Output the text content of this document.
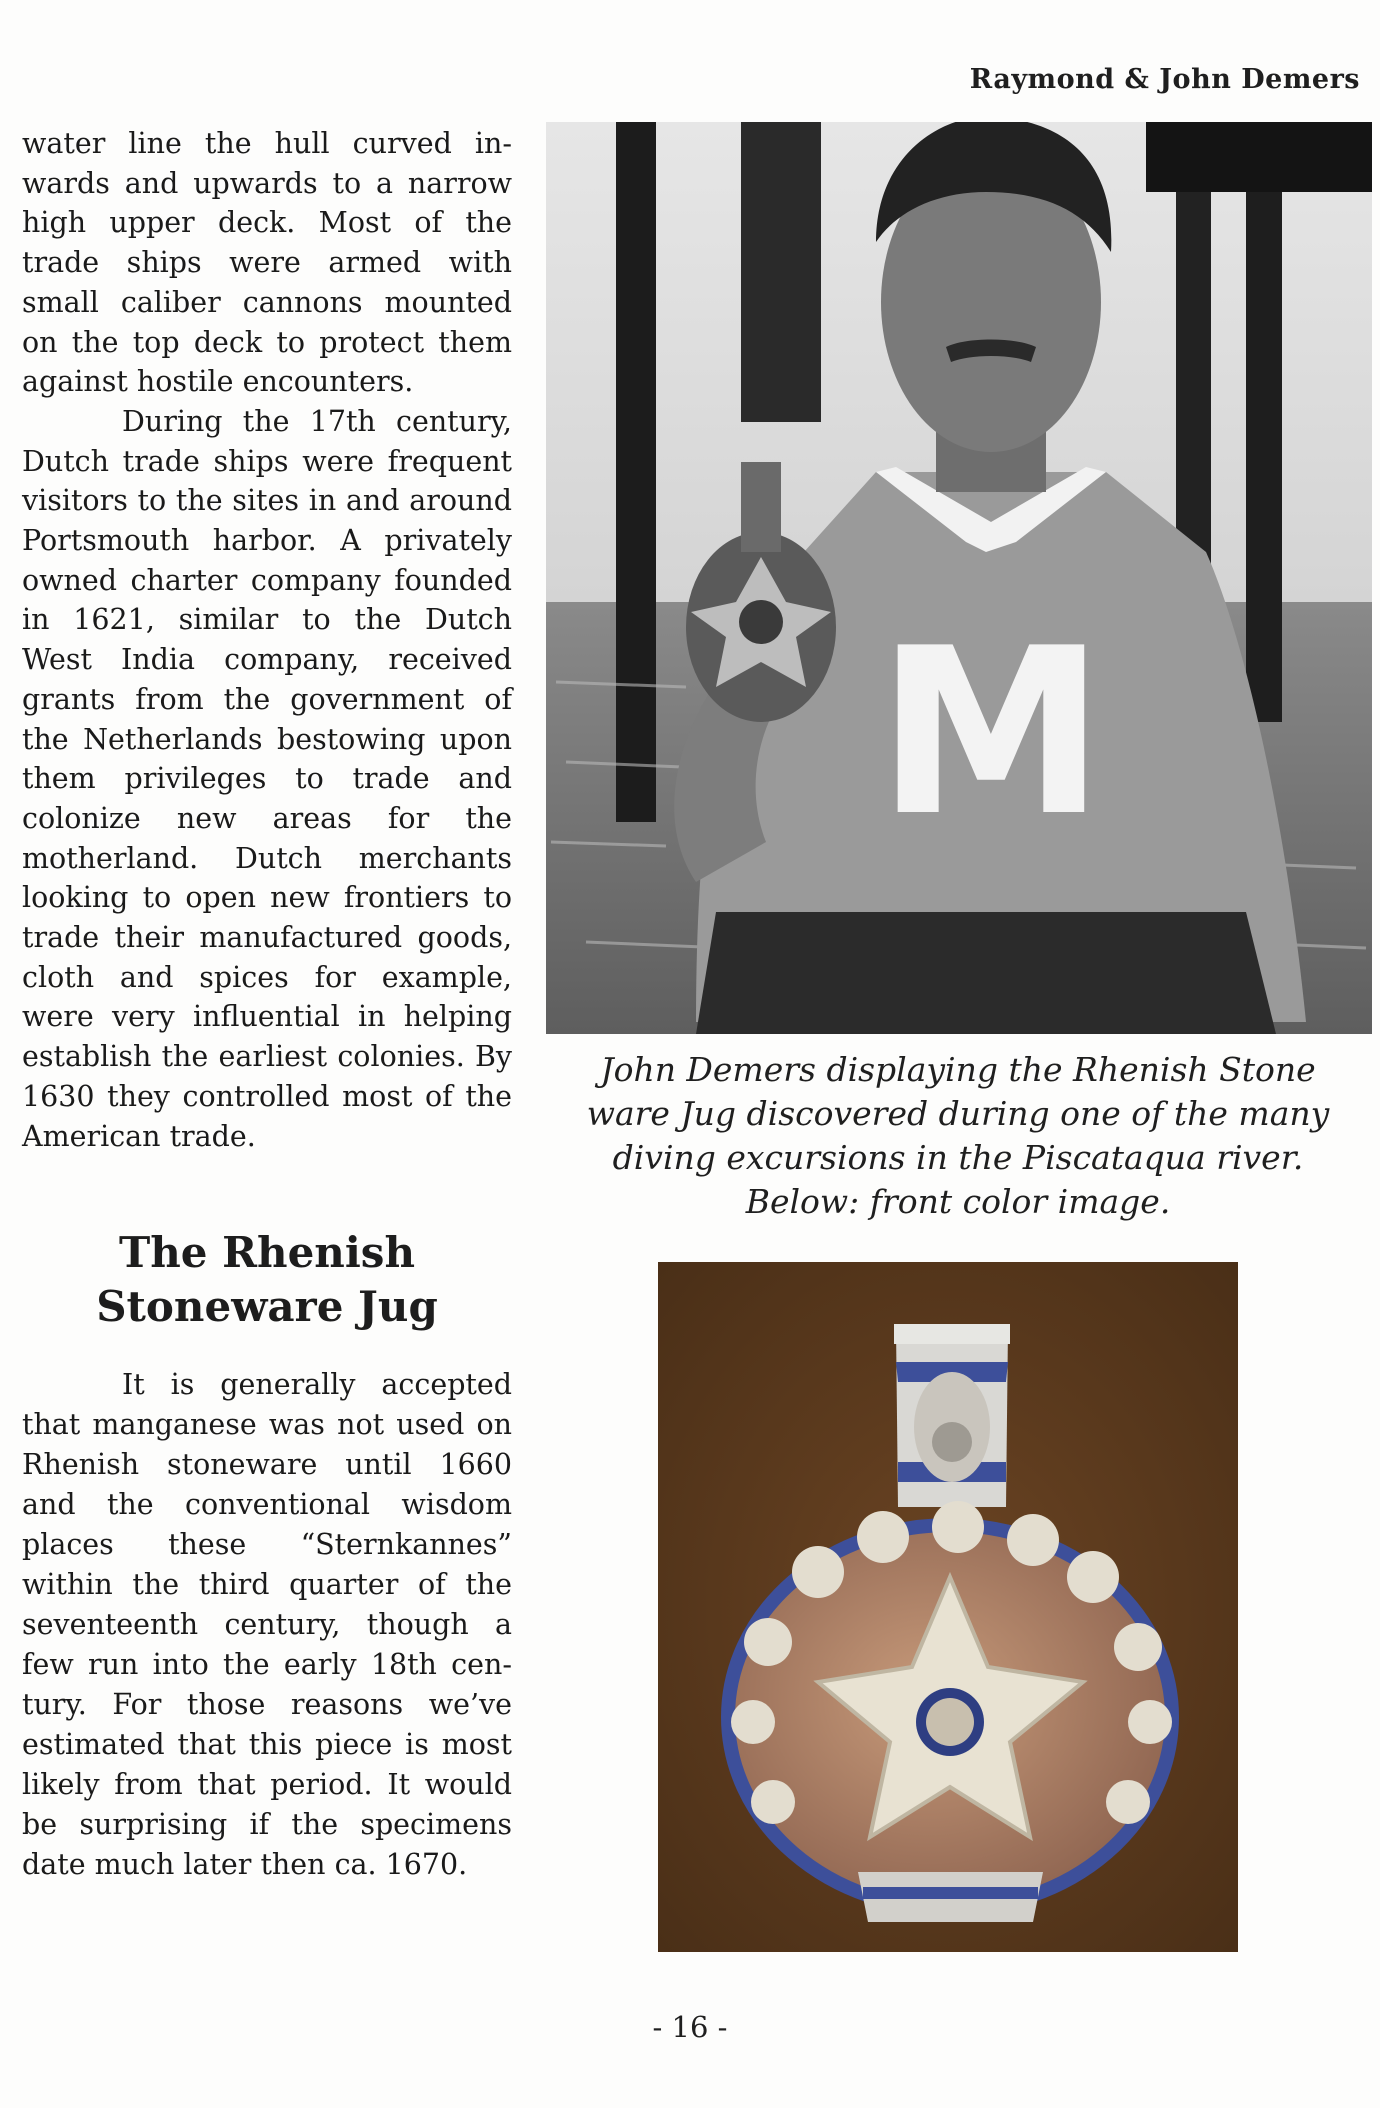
Raymond & John Demers

water line the hull curved inwards and upwards to a narrow high upper deck. Most of the trade ships were armed with small caliber cannons mounted on the top deck to protect them against hostile encounters.

During the 17th century, Dutch trade ships were frequent visitors to the sites in and around Portsmouth harbor. A privately owned charter company founded in 1621, similar to the Dutch West India company, received grants from the government of the Netherlands bestowing upon them privileges to trade and colonize new areas for the motherland. Dutch merchants looking to open new frontiers to trade their manufactured goods, cloth and spices for example, were very influential in helping establish the earliest colonies. By 1630 they controlled most of the American trade.

The Rhenish
Stoneware Jug

It is generally accepted that manganese was not used on Rhenish stoneware until 1660 and the conventional wisdom places these “Sternkannes” within the third quarter of the seventeenth century, though a few run into the early 18th century. For those reasons we’ve estimated that this piece is most likely from that period. It would be surprising if the specimens date much later then ca. 1670.

M
John Demers displaying the Rhenish Stone
ware Jug discovered during one of the many
diving excursions in the Piscataqua river.
Below: front color image.
- 16 -
